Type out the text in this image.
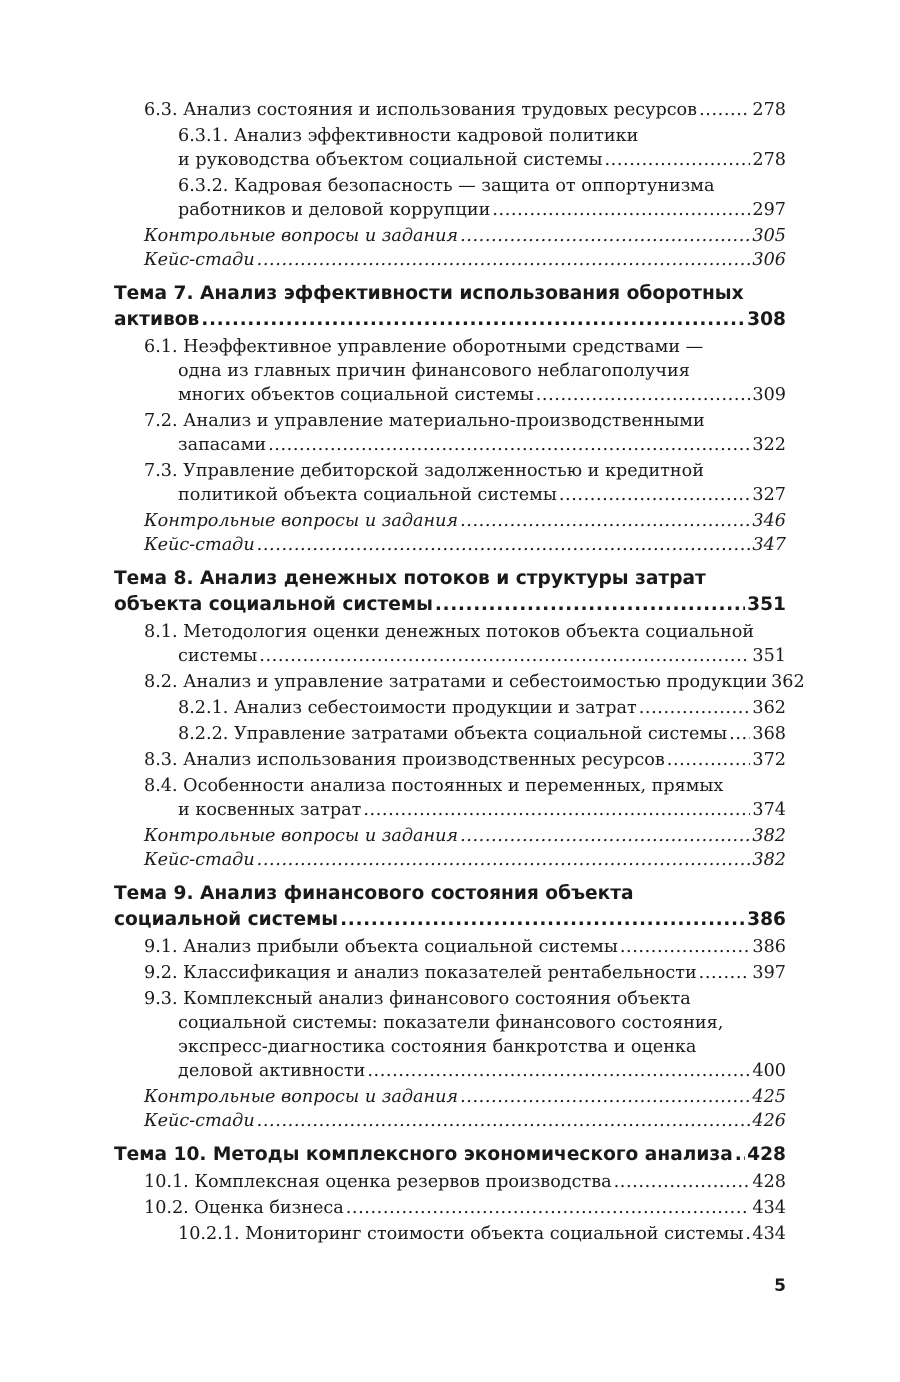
6.3. Анализ состояния и использования трудовых ресурсов .....	278
6.3.1. Анализ эффективности кадровой политики
и руководства объектом социальной системы .....	278
6.3.2. Кадровая безопасность — защита от оппортунизма
работников и деловой коррупции .....	297
Контрольные вопросы и задания .....	305
Кейс-стади .....	306
Тема 7. Анализ эффективности использования оборотных
активов .....	308
6.1. Неэффективное управление оборотными средствами —
одна из главных причин финансового неблагополучия
многих объектов социальной системы .....	309
7.2. Анализ и управление материально-производственными
запасами .....	322
7.3. Управление дебиторской задолженностью и кредитной
политикой объекта социальной системы .....	327
Контрольные вопросы и задания .....	346
Кейс-стади .....	347
Тема 8. Анализ денежных потоков и структуры затрат
объекта социальной системы .....	351
8.1. Методология оценки денежных потоков объекта социальной
системы .....	351
8.2. Анализ и управление затратами и себестоимостью продукции 362
8.2.1. Анализ себестоимости продукции и затрат .....	362
8.2.2. Управление затратами объекта социальной системы ..... 368
8.3. Анализ использования производственных ресурсов .....	372
8.4. Особенности анализа постоянных и переменных, прямых
и косвенных затрат .....	374
Контрольные вопросы и задания .....	382
Кейс-стади .....	382
Тема 9. Анализ финансового состояния объекта
социальной системы .....	386
9.1. Анализ прибыли объекта социальной системы .....	386
9.2. Классификация и анализ показателей рентабельности .....	397
9.3. Комплексный анализ финансового состояния объекта
социальной системы: показатели финансового состояния,
экспресс-диагностика состояния банкротства и оценка
деловой активности .....	400
Контрольные вопросы и задания .....	425
Кейс-стади .....	426
Тема 10. Методы комплексного экономического анализа ..... 428
10.1. Комплексная оценка резервов производства .....	428
10.2. Оценка бизнеса .....	434
10.2.1. Мониторинг стоимости объекта социальной системы ..... 434
5
